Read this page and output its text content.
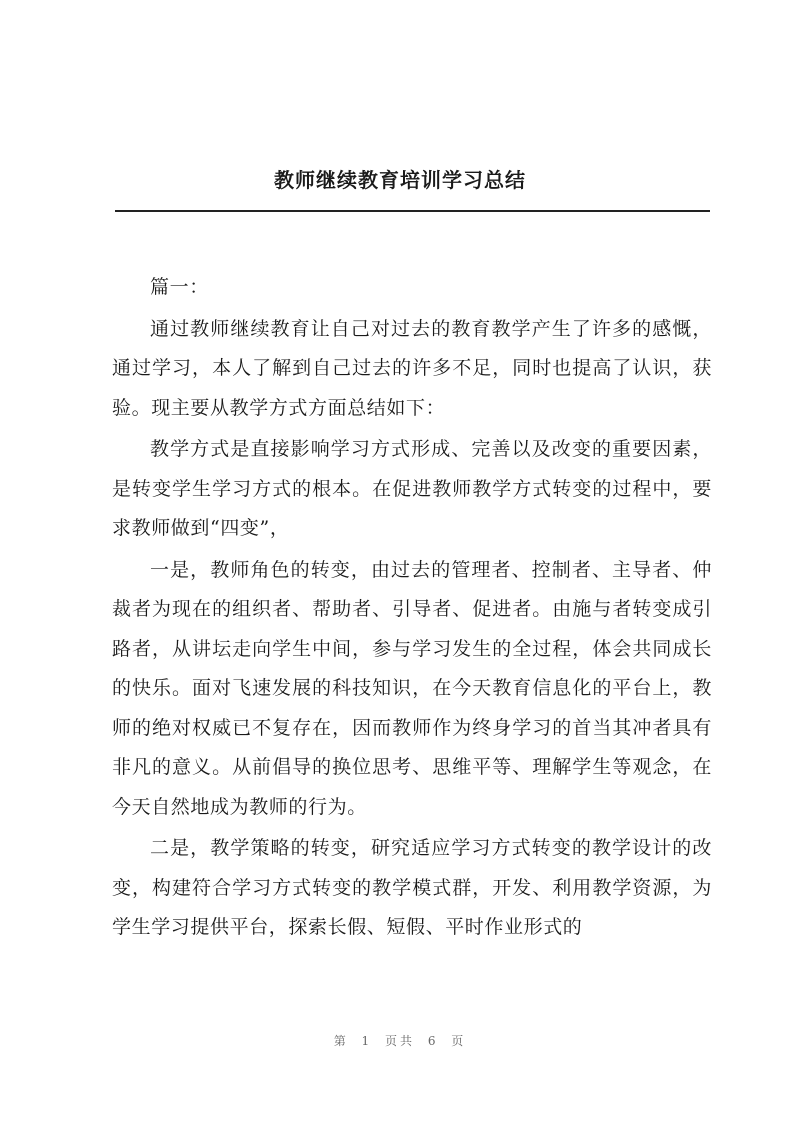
教师继续教育培训学习总结

篇一：

通过教师继续教育让自己对过去的教育教学产生了许多的感慨，通过学习，本人了解到自己过去的许多不足，同时也提高了认识，获验。现主要从教学方式方面总结如下：

教学方式是直接影响学习方式形成、完善以及改变的重要因素，是转变学生学习方式的根本。在促进教师教学方式转变的过程中，要求教师做到“四变”，

一是，教师角色的转变，由过去的管理者、控制者、主导者、仲裁者为现在的组织者、帮助者、引导者、促进者。由施与者转变成引路者，从讲坛走向学生中间，参与学习发生的全过程，体会共同成长的快乐。面对飞速发展的科技知识，在今天教育信息化的平台上，教师的绝对权威已不复存在，因而教师作为终身学习的首当其冲者具有非凡的意义。从前倡导的换位思考、思维平等、理解学生等观念，在今天自然地成为教师的行为。

二是，教学策略的转变，研究适应学习方式转变的教学设计的改变，构建符合学习方式转变的教学模式群，开发、利用教学资源，为学生学习提供平台，探索长假、短假、平时作业形式的

第 1 页共 6 页
